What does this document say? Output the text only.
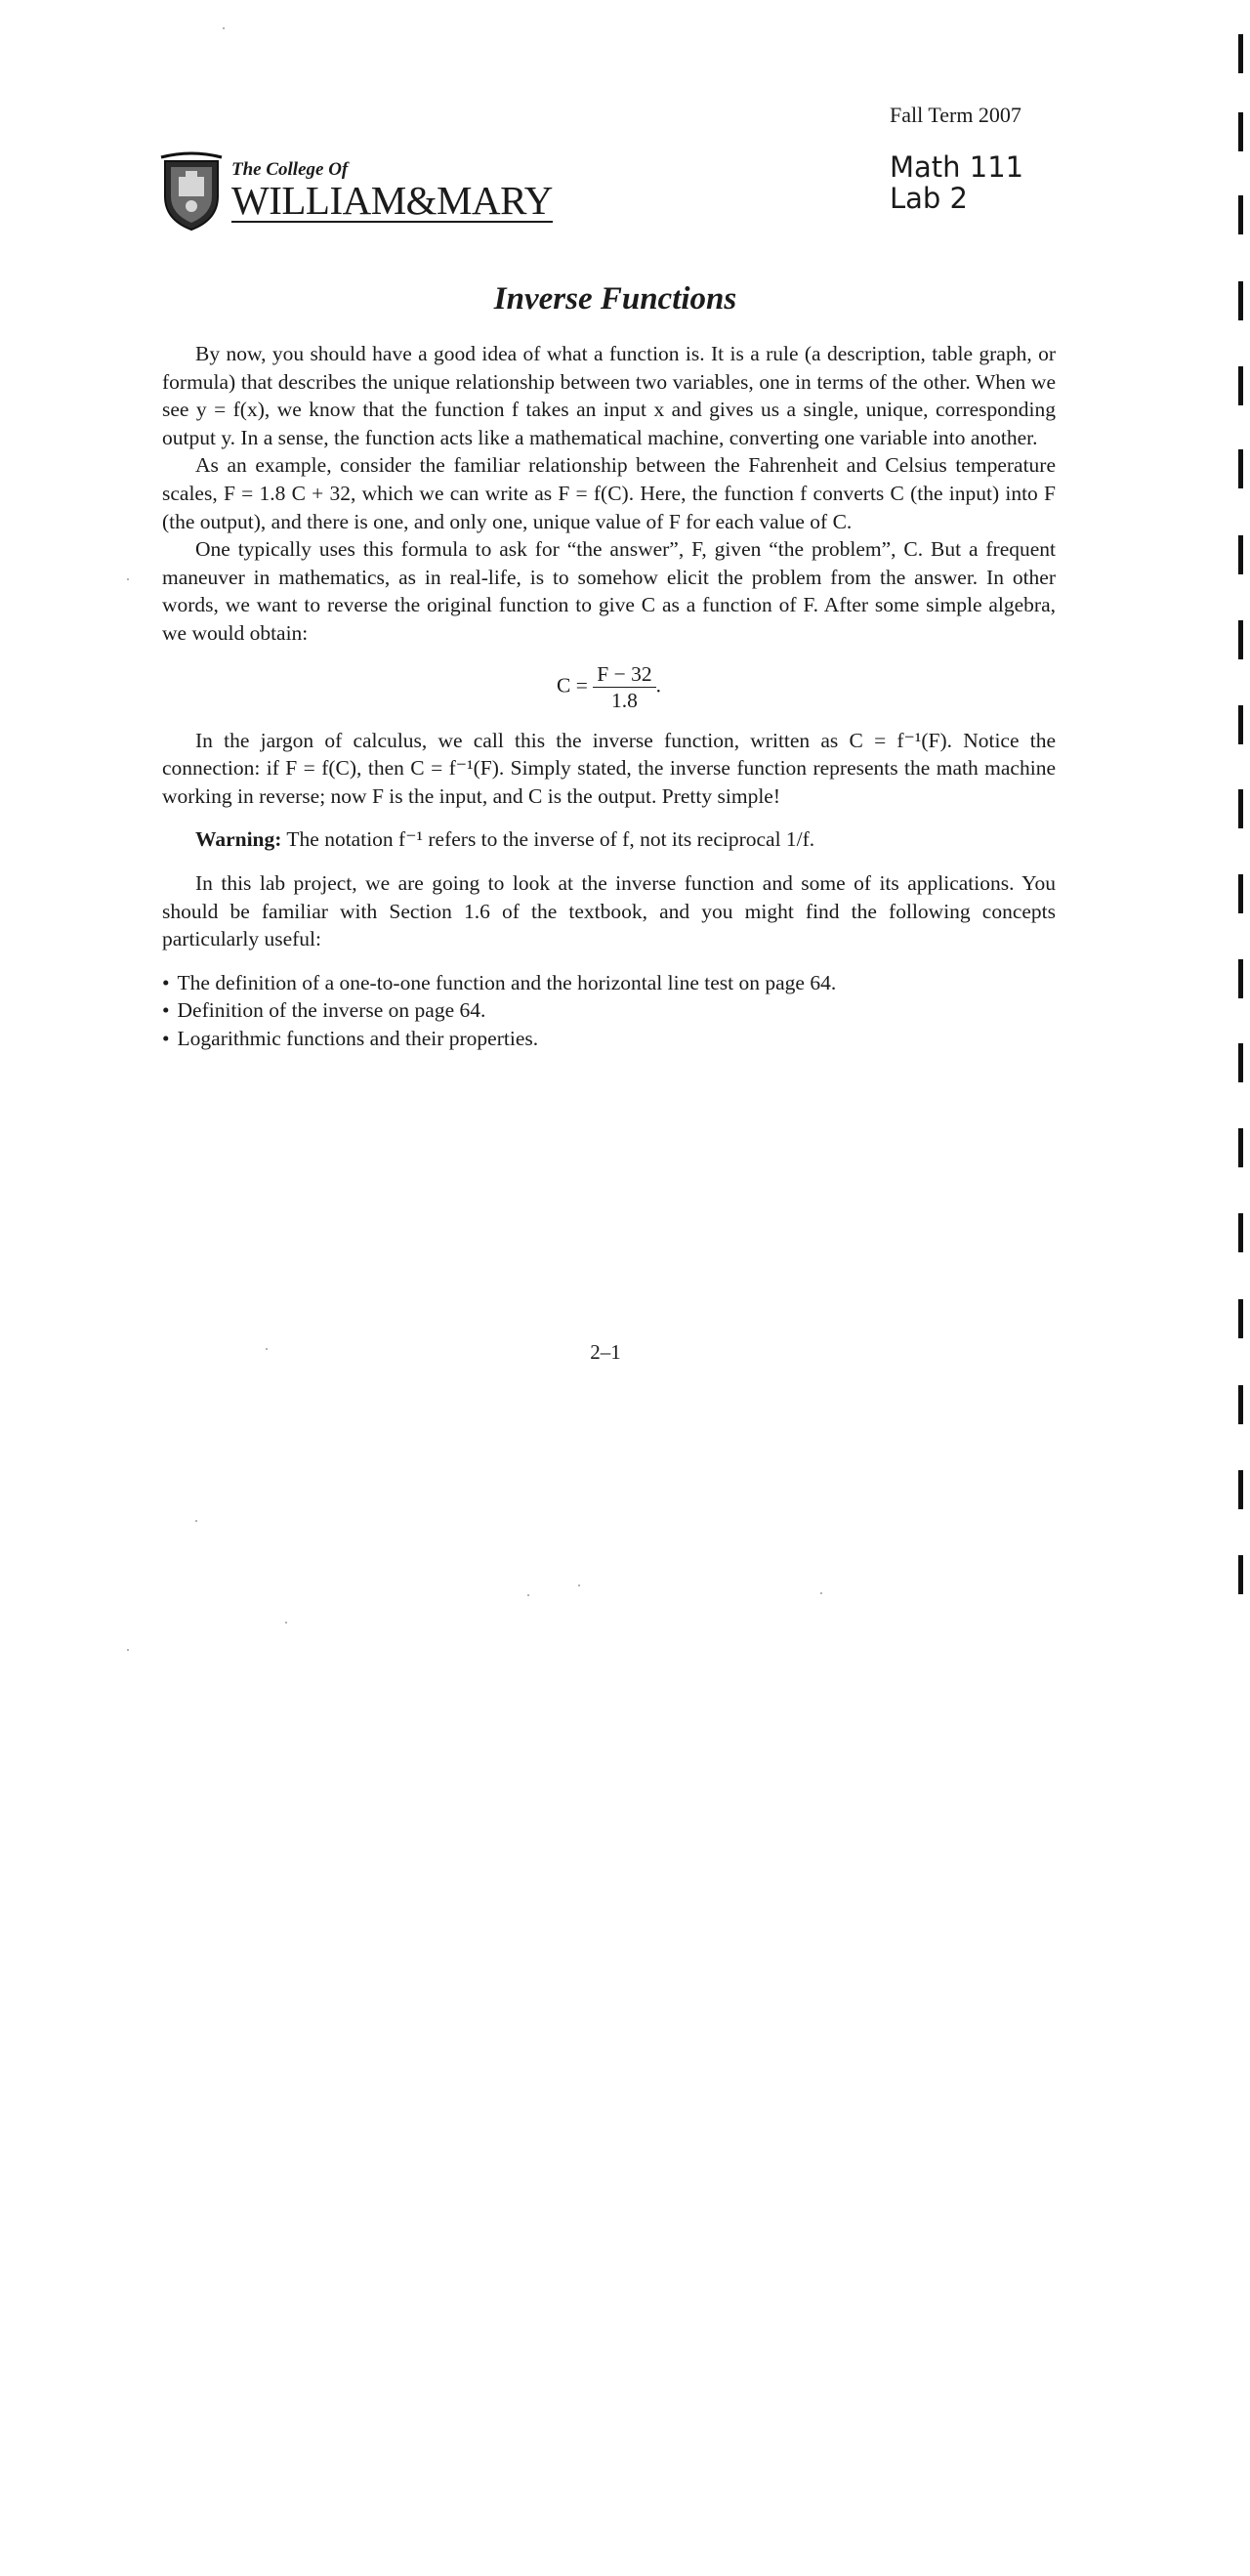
The College Of
WILLIAM&MARY
Fall Term 2007
Math 111
Lab 2
Inverse Functions

By now, you should have a good idea of what a function is. It is a rule (a description, table graph, or formula) that describes the unique relationship between two variables, one in terms of the other. When we see y = f(x), we know that the function f takes an input x and gives us a single, unique, corresponding output y. In a sense, the function acts like a mathematical machine, converting one variable into another.

As an example, consider the familiar relationship between the Fahrenheit and Celsius temperature scales, F = 1.8 C + 32, which we can write as F = f(C). Here, the function f converts C (the input) into F (the output), and there is one, and only one, unique value of F for each value of C.

One typically uses this formula to ask for “the answer”, F, given “the problem”, C. But a frequent maneuver in mathematics, as in real-life, is to somehow elicit the problem from the answer. In other words, we want to reverse the original function to give C as a function of F. After some simple algebra, we would obtain:

$C = \frac{F - 32}{1.8}$ .

In the jargon of calculus, we call this the inverse function, written as C = f⁻¹(F). Notice the connection: if F = f(C), then C = f⁻¹(F). Simply stated, the inverse function represents the math machine working in reverse; now F is the input, and C is the output. Pretty simple!

Warning: The notation f⁻¹ refers to the inverse of f, not its reciprocal 1/f.

In this lab project, we are going to look at the inverse function and some of its applications. You should be familiar with Section 1.6 of the textbook, and you might find the following concepts particularly useful:

• The definition of a one-to-one function and the horizontal line test on page 64.
• Definition of the inverse on page 64.
• Logarithmic functions and their properties.
2–1
